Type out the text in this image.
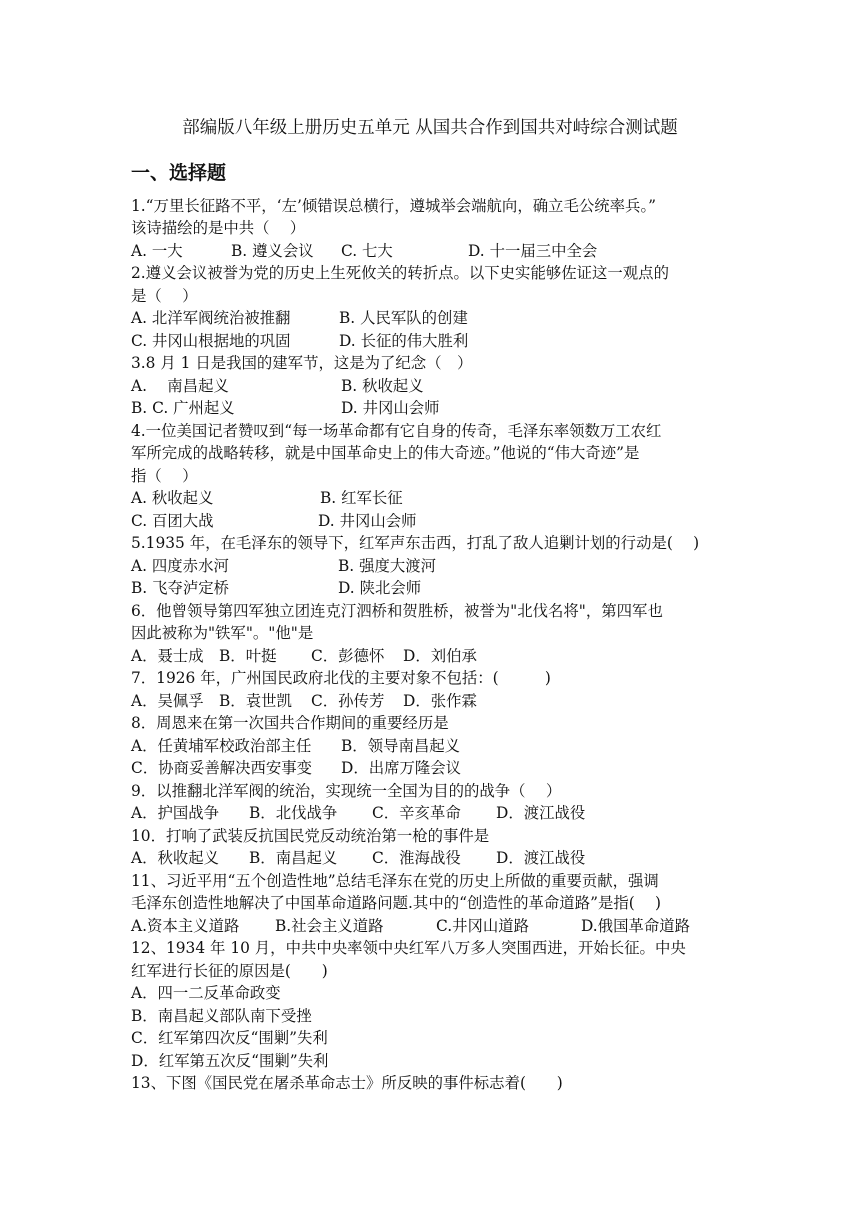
部编版八年级上册历史五单元 从国共合作到国共对峙综合测试题
一、选择题
1.“万里长征路不平，‘左’倾错误总横行，遵城举会端航向，确立毛公统率兵。”
该诗描绘的是中共（　 ）
A. 一大	B. 遵义会议 C. 七大	D. 十一届三中全会
2.遵义会议被誉为党的历史上生死攸关的转折点。以下史实能够佐证这一观点的
是（　 ）
A. 北洋军阀统治被推翻	B. 人民军队的创建
C. 井冈山根据地的巩固	D. 长征的伟大胜利
3.8 月 1 日是我国的建军节，这是为了纪念（　）
A.　 南昌起义	B. 秋收起义
B. C. 广州起义	D. 井冈山会师
4.一位美国记者赞叹到“每一场革命都有它自身的传奇，毛泽东率领数万工农红
军所完成的战略转移，就是中国革命史上的伟大奇迹。”他说的“伟大奇迹”是
指（　 ）
A. 秋收起义	B. 红军长征
C. 百团大战	D. 井冈山会师
5.1935 年，在毛泽东的领导下，红军声东击西，打乱了敌人追剿计划的行动是(　 )
A. 四度赤水河	B. 强度大渡河
B. 飞夺泸定桥	D. 陕北会师
6．他曾领导第四军独立团连克汀泗桥和贺胜桥，被誉为"北伐名将"，第四军也
因此被称为"铁军"。"他"是
A．聂士成 B．叶挺 C．彭德怀 D．刘伯承
7．1926 年，广州国民政府北伐的主要对象不包括：(　　　)
A．吴佩孚 B．袁世凯 C．孙传芳 D．张作霖
8．周恩来在第一次国共合作期间的重要经历是
A．任黄埔军校政治部主任 B．领导南昌起义
C．协商妥善解决西安事变 D．出席万隆会议
9．以推翻北洋军阀的统治，实现统一全国为目的的战争（　 ）
A．护国战争 B．北伐战争 C．辛亥革命 D．渡江战役
10．打响了武装反抗国民党反动统治第一枪的事件是
A．秋收起义 B．南昌起义 C．淮海战役 D．渡江战役
11、习近平用“五个创造性地”总结毛泽东在党的历史上所做的重要贡献，强调
毛泽东创造性地解决了中国革命道路问题.其中的“创造性的革命道路”是指(　 )
A.资本主义道路 B.社会主义道路	C.井冈山道路	D.俄国革命道路
12、1934 年 10 月，中共中央率领中央红军八万多人突围西进，开始长征。中央
红军进行长征的原因是(　　)
A．四一二反革命政变
B．南昌起义部队南下受挫
C．红军第四次反“围剿”失利
D．红军第五次反“围剿”失利
13、下图《国民党在屠杀革命志士》所反映的事件标志着(　　)
